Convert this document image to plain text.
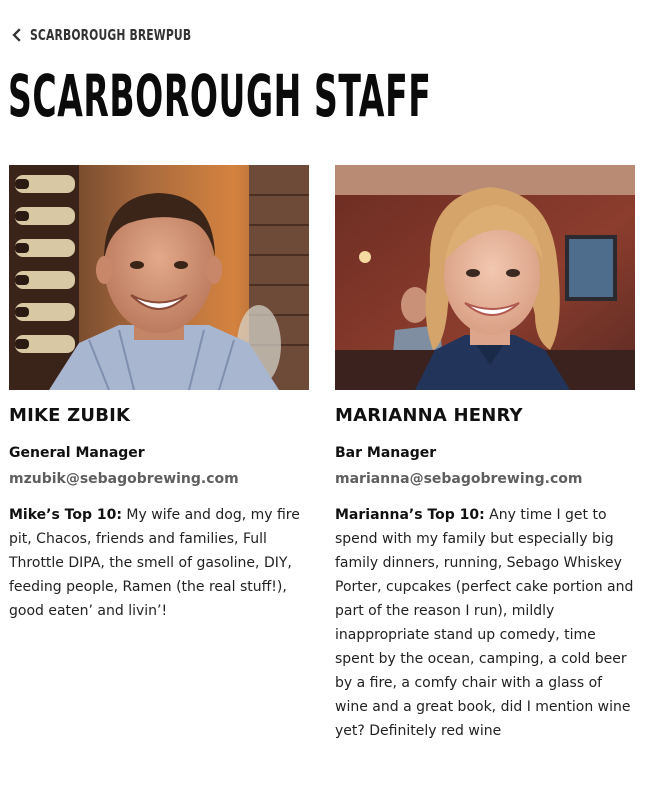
SCARBOROUGH BREWPUB
SCARBOROUGH STAFF
MIKE ZUBIK
General Manager
mzubik@sebagobrewing.com
Mike’s Top 10: My wife and dog, my fire pit, Chacos, friends and families, Full Throttle DIPA, the smell of gasoline, DIY, feeding people, Ramen (the real stuff!), good eaten’ and livin’!
MARIANNA HENRY
Bar Manager
marianna@sebagobrewing.com
Marianna’s Top 10: Any time I get to spend with my family but especially big family dinners, running, Sebago Whiskey Porter, cupcakes (perfect cake portion and part of the reason I run), mildly inappropriate stand up comedy, time spent by the ocean, camping, a cold beer by a fire, a comfy chair with a glass of wine and a great book, did I mention wine yet? Definitely red wine
